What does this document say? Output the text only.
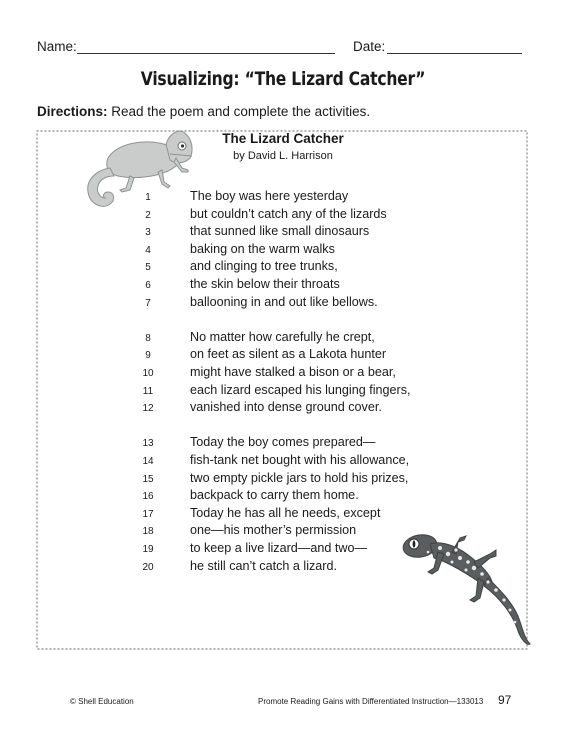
Name:	Date:
Visualizing: “The Lizard Catcher”
Directions: Read the poem and complete the activities.
The Lizard Catcher
by David L. Harrison
1	The boy was here yesterday
2	but couldn’t catch any of the lizards
3	that sunned like small dinosaurs
4	baking on the warm walks
5	and clinging to tree trunks,
6	the skin below their throats
7	ballooning in and out like bellows.
8	No matter how carefully he crept,
9	on feet as silent as a Lakota hunter
10	might have stalked a bison or a bear,
11	each lizard escaped his lunging fingers,
12	vanished into dense ground cover.
13	Today the boy comes prepared—
14	fish-tank net bought with his allowance,
15	two empty pickle jars to hold his prizes,
16	backpack to carry them home.
17	Today he has all he needs, except
18	one—his mother’s permission
19	to keep a live lizard—and two—
20	he still can’t catch a lizard.
© Shell Education	Promote Reading Gains with Differentiated Instruction—133013 97
